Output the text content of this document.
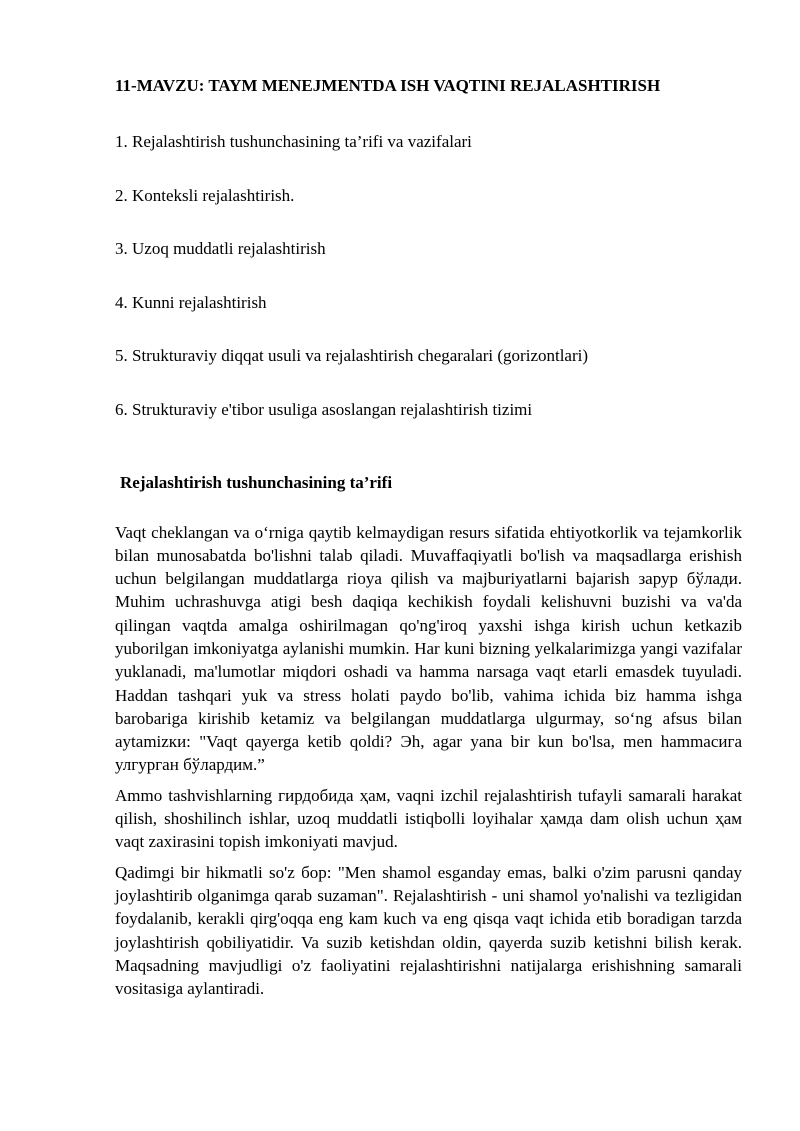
11-MAVZU: TAYM MENEJMENTDA ISH VAQTINI REJALASHTIRISH
1. Rejalashtirish tushunchasining ta’rifi va vazifalari
2. Konteksli rejalashtirish.
3. Uzoq muddatli rejalashtirish
4. Kunni rejalashtirish
5. Strukturaviy diqqat usuli va rejalashtirish chegaralari (gorizontlari)
6. Strukturaviy e'tibor usuliga asoslangan rejalashtirish tizimi
Rejalashtirish tushunchasining ta’rifi

Vaqt cheklangan va oʻrniga qaytib kelmaydigan resurs sifatida ehtiyotkorlik va tejamkorlik bilan munosabatda bo'lishni talab qiladi. Muvaffaqiyatli bo'lish va maqsadlarga erishish uchun belgilangan muddatlarga rioya qilish va majburiyatlarni bajarish зарур бўлади. Muhim uchrashuvga atigi besh daqiqa kechikish foydali kelishuvni buzishi va va'da qilingan vaqtda amalga oshirilmagan qo'ng'iroq yaxshi ishga kirish uchun ketkazib yuborilgan imkoniyatga aylanishi mumkin. Har kuni bizning yelkalarimizga yangi vazifalar yuklanadi, ma'lumotlar miqdori oshadi va hamma narsaga vaqt etarli emasdek tuyuladi. Haddan tashqari yuk va stress holati paydo bo'lib, vahima ichida biz hamma ishga barobariga kirishib ketamiz va belgilangan muddatlarga ulgurmay, soʻng afsus bilan aytamizки: "Vaqt qayerga ketib qoldi? Эh, agar yana bir kun bo'lsa, men hammасига улгурган бўлардим.”

Ammo tashvishlarning гирдобида ҳам, vaqni izchil rejalashtirish tufayli samarali harakat qilish, shoshilinch ishlar, uzoq muddatli istiqbolli loyihalar ҳамда dam olish uchun ҳам vaqt zaxirasini topish imkoniyati mavjud.

Qadimgi bir hikmatli so'z бор: "Men shamol esganday emas, balki o'zim parusni qanday joylashtirib olganimga qarab suzaman". Rejalashtirish - uni shamol yo'nalishi va tezligidan foydalanib, kerakli qirg'oqqa eng kam kuch va eng qisqa vaqt ichida etib boradigan tarzda joylashtirish qobiliyatidir. Va suzib ketishdan oldin, qayerda suzib ketishni bilish kerak. Maqsadning mavjudligi o'z faoliyatini rejalashtirishni natijalarga erishishning samarali vositasiga aylantiradi.
